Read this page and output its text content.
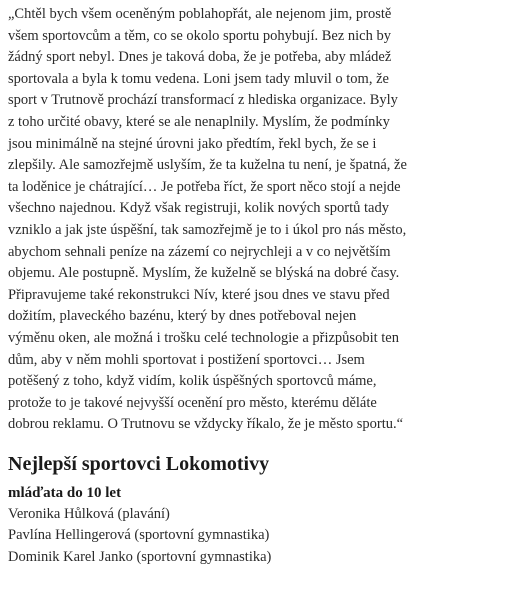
„Chtěl bych všem oceněným poblahopřát, ale nejenom jim, prostě
všem sportovcům a těm, co se okolo sportu pohybují. Bez nich by
žádný sport nebyl. Dnes je taková doba, že je potřeba, aby mládež
sportovala a byla k tomu vedena. Loni jsem tady mluvil o tom, že
sport v Trutnově prochází transformací z hlediska organizace. Byly
z toho určité obavy, které se ale nenaplnily. Myslím, že podmínky
jsou minimálně na stejné úrovni jako předtím, řekl bych, že se i
zlepšily. Ale samozřejmě uslyším, že ta kuželna tu není, je špatná, že
ta loděnice je chátrající… Je potřeba říct, že sport něco stojí a nejde
všechno najednou. Když však registruji, kolik nových sportů tady
vzniklo a jak jste úspěšní, tak samozřejmě je to i úkol pro nás město,
abychom sehnali peníze na zázemí co nejrychleji a v co největším
objemu. Ale postupně. Myslím, že kuželně se blýská na dobré časy.
Připravujeme také rekonstrukci Nív, které jsou dnes ve stavu před
dožitím, plaveckého bazénu, který by dnes potřeboval nejen
výměnu oken, ale možná i trošku celé technologie a přizpůsobit ten
dům, aby v něm mohli sportovat i postižení sportovci… Jsem
potěšený z toho, když vidím, kolik úspěšných sportovců máme,
protože to je takové nejvyšší ocenění pro město, kterému děláte
dobrou reklamu. O Trutnovu se vždycky říkalo, že je město sportu.“

Nejlepší sportovci Lokomotivy
mláďata do 10 let
Veronika Hůlková (plavání)
Pavlína Hellingerová (sportovní gymnastika)
Dominik Karel Janko (sportovní gymnastika)
